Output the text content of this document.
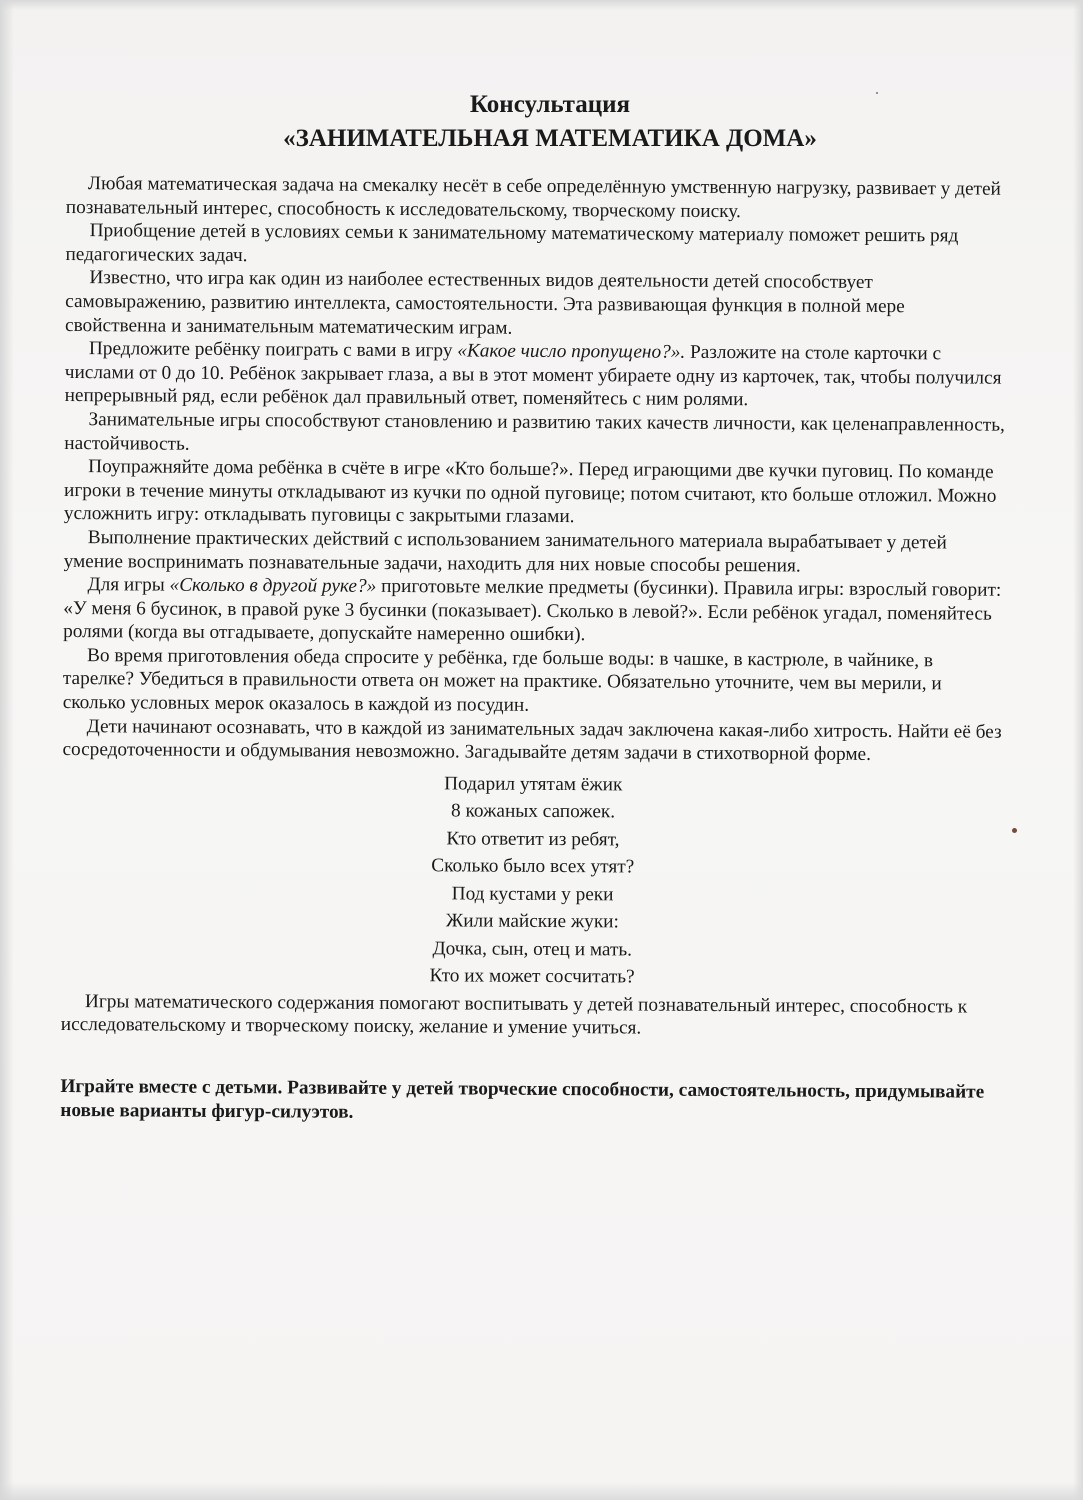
Консультация
«ЗАНИМАТЕЛЬНАЯ МАТЕМАТИКА ДОМА»

Любая математическая задача на смекалку несёт в себе определённую умственную нагрузку, развивает у детей познавательный интерес, способность к исследовательскому, творческому поиску.

Приобщение детей в условиях семьи к занимательному математическому материалу поможет решить ряд педагогических задач.

Известно, что игра как один из наиболее естественных видов деятельности детей способствует самовыражению, развитию интеллекта, самостоятельности. Эта развивающая функция в полной мере свойственна и занимательным математическим играм.

Предложите ребёнку поиграть с вами в игру «Какое число пропущено?». Разложите на столе карточки с числами от 0 до 10. Ребёнок закрывает глаза, а вы в этот момент убираете одну из карточек, так, чтобы получился непрерывный ряд, если ребёнок дал правильный ответ, поменяйтесь с ним ролями.

Занимательные игры способствуют становлению и развитию таких качеств личности, как целенаправленность, настойчивость.

Поупражняйте дома ребёнка в счёте в игре «Кто больше?». Перед играющими две кучки пуговиц. По команде игроки в течение минуты откладывают из кучки по одной пуговице; потом считают, кто больше отложил. Можно усложнить игру: откладывать пуговицы с закрытыми глазами.

Выполнение практических действий с использованием занимательного материала вырабатывает у детей умение воспринимать познавательные задачи, находить для них новые способы решения.

Для игры «Сколько в другой руке?» приготовьте мелкие предметы (бусинки). Правила игры: взрослый говорит: «У меня 6 бусинок, в правой руке 3 бусинки (показывает). Сколько в левой?». Если ребёнок угадал, поменяйтесь ролями (когда вы отгадываете, допускайте намеренно ошибки).

Во время приготовления обеда спросите у ребёнка, где больше воды: в чашке, в кастрюле, в чайнике, в тарелке? Убедиться в правильности ответа он может на практике. Обязательно уточните, чем вы мерили, и сколько условных мерок оказалось в каждой из посудин.

Дети начинают осознавать, что в каждой из занимательных задач заключена какая-либо хитрость. Найти её без сосредоточенности и обдумывания невозможно. Загадывайте детям задачи в стихотворной форме.

Подарил утятам ёжик
8 кожаных сапожек.
Кто ответит из ребят,
Сколько было всех утят?
Под кустами у реки
Жили майские жуки:
Дочка, сын, отец и мать.
Кто их может сосчитать?

Игры математического содержания помогают воспитывать у детей познавательный интерес, способность к исследовательскому и творческому поиску, желание и умение учиться.

Играйте вместе с детьми. Развивайте у детей творческие способности, самостоятельность, придумывайте новые варианты фигур-силуэтов.
